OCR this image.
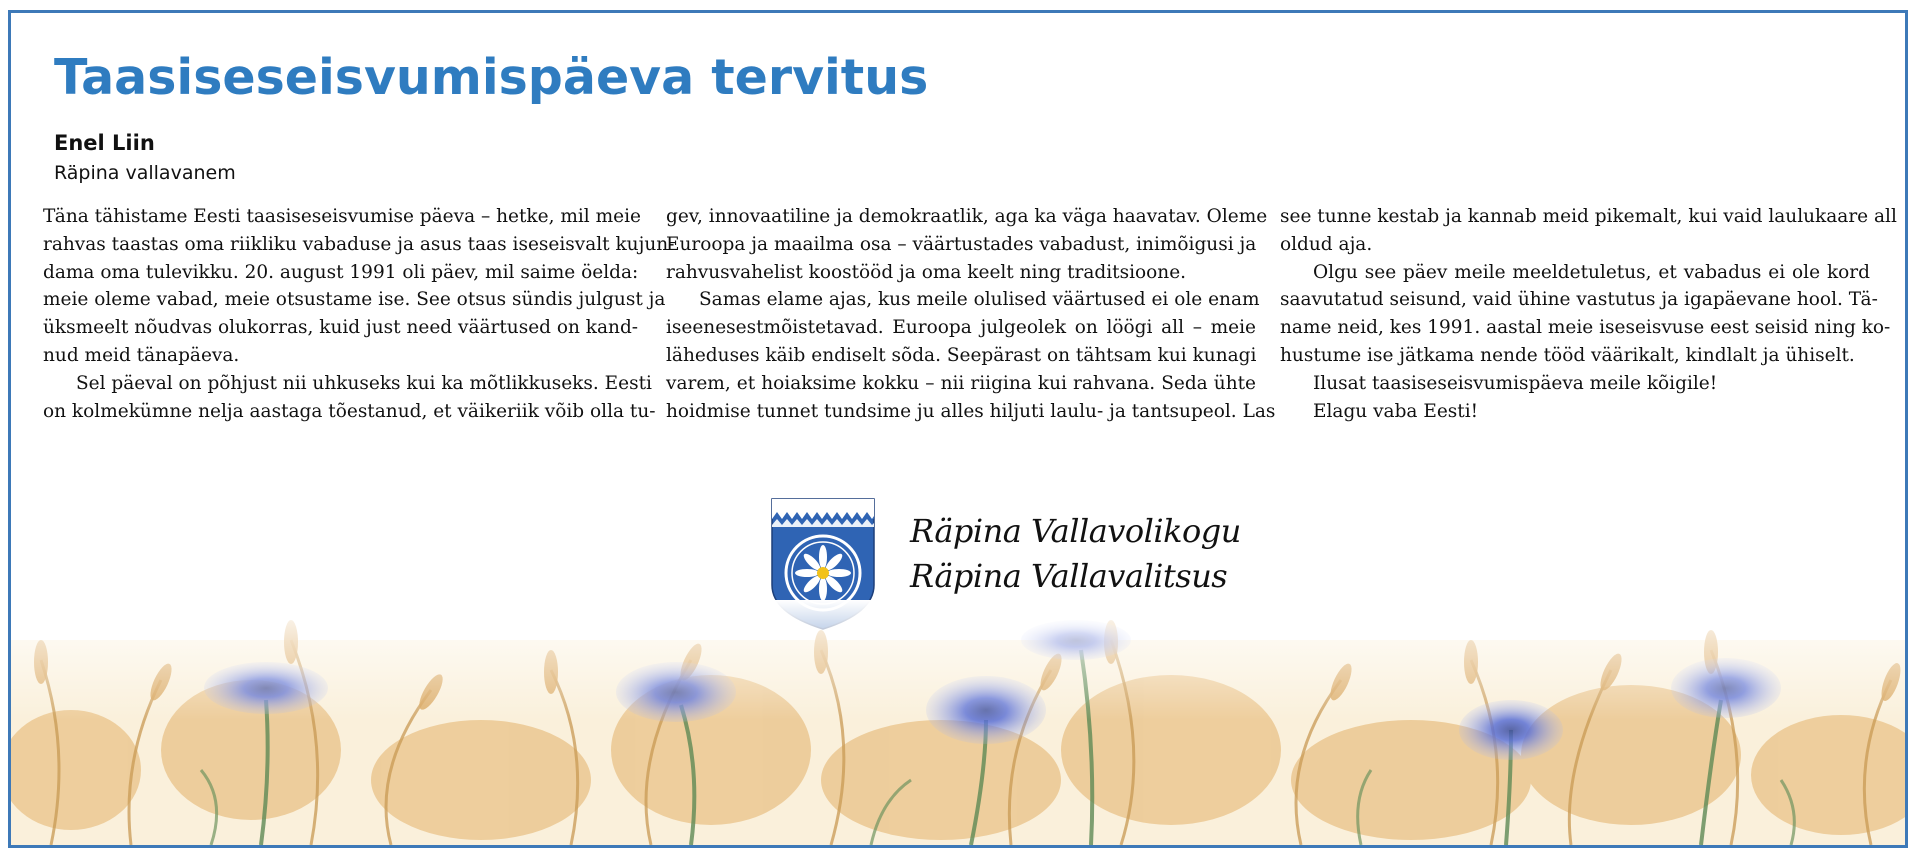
Taasiseseisvumispäeva tervitus
Enel Liin
Räpina vallavanem
Täna tähistame Eesti taasiseseisvumise päeva – hetke, mil meie
rahvas taastas oma riikliku vabaduse ja asus taas iseseisvalt kujun-
dama oma tulevikku. 20. august 1991 oli päev, mil saime öelda:
meie oleme vabad, meie otsustame ise. See otsus sündis julgust ja
üksmeelt nõudvas olukorras, kuid just need väärtused on kand-
nud meid tänapäeva.
Sel päeval on põhjust nii uhkuseks kui ka mõtlikkuseks. Eesti
on kolmekümne nelja aastaga tõestanud, et väikeriik võib olla tu-
gev, innovaatiline ja demokraatlik, aga ka väga haavatav. Oleme
Euroopa ja maailma osa – väärtustades vabadust, inimõigusi ja
rahvusvahelist koostööd ja oma keelt ning traditsioone.
Samas elame ajas, kus meile olulised väärtused ei ole enam
iseenesestmõistetavad. Euroopa julgeolek on löögi all – meie
läheduses käib endiselt sõda. Seepärast on tähtsam kui kunagi
varem, et hoiaksime kokku – nii riigina kui rahvana. Seda ühte
hoidmise tunnet tundsime ju alles hiljuti laulu- ja tantsupeol. Las
see tunne kestab ja kannab meid pikemalt, kui vaid laulukaare all
oldud aja.
Olgu see päev meile meeldetuletus, et vabadus ei ole kord
saavutatud seisund, vaid ühine vastutus ja igapäevane hool. Tä-
name neid, kes 1991. aastal meie iseseisvuse eest seisid ning ko-
hustume ise jätkama nende tööd väärikalt, kindlalt ja ühiselt.
Ilusat taasiseseisvumispäeva meile kõigile!
Elagu vaba Eesti!
Räpina Vallavolikogu
Räpina Vallavalitsus
